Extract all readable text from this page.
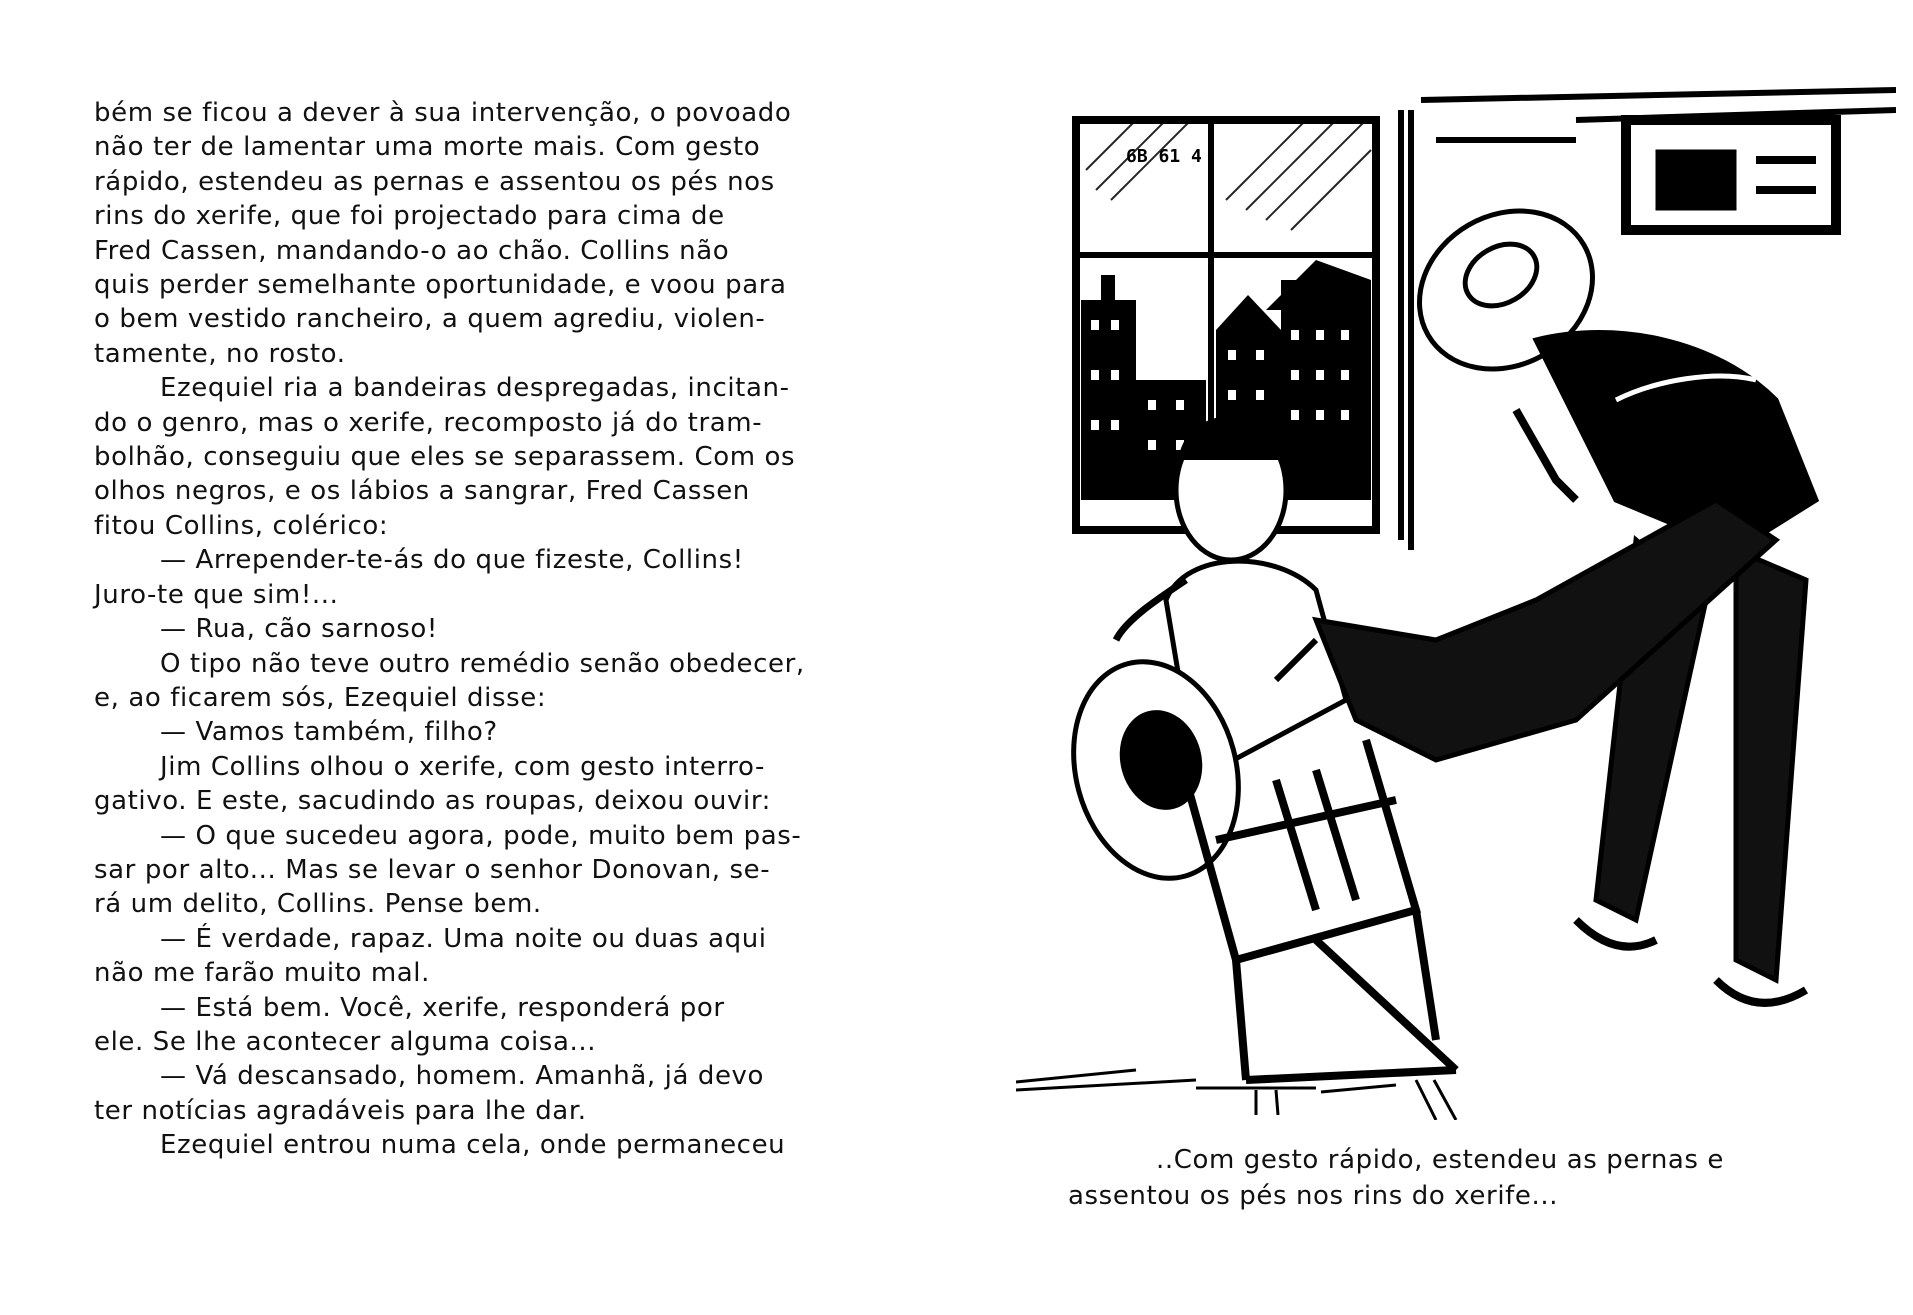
bém se ficou a dever à sua intervenção, o povoado

não ter de lamentar uma morte mais. Com gesto

rápido, estendeu as pernas e assentou os pés nos

rins do xerife, que foi projectado para cima de

Fred Cassen, mandando-o ao chão. Collins não

quis perder semelhante oportunidade, e voou para

o bem vestido rancheiro, a quem agrediu, violen-

tamente, no rosto.

Ezequiel ria a bandeiras despregadas, incitan-

do o genro, mas o xerife, recomposto já do tram-

bolhão, conseguiu que eles se separassem. Com os

olhos negros, e os lábios a sangrar, Fred Cassen

fitou Collins, colérico:

— Arrepender-te-ás do que fizeste, Collins!

Juro-te que sim!...

— Rua, cão sarnoso!

O tipo não teve outro remédio senão obedecer,

e, ao ficarem sós, Ezequiel disse:

— Vamos também, filho?

Jim Collins olhou o xerife, com gesto interro-

gativo. E este, sacudindo as roupas, deixou ouvir:

— O que sucedeu agora, pode, muito bem pas-

sar por alto... Mas se levar o senhor Donovan, se-

rá um delito, Collins. Pense bem.

— É verdade, rapaz. Uma noite ou duas aqui

não me farão muito mal.

— Está bem. Você, xerife, responderá por

ele. Se lhe acontecer alguma coisa...

— Vá descansado, homem. Amanhã, já devo

ter notícias agradáveis para lhe dar.

Ezequiel entrou numa cela, onde permaneceu

6B 61 4

..Com gesto rápido, estendeu as pernas e

assentou os pés nos rins do xerife...
